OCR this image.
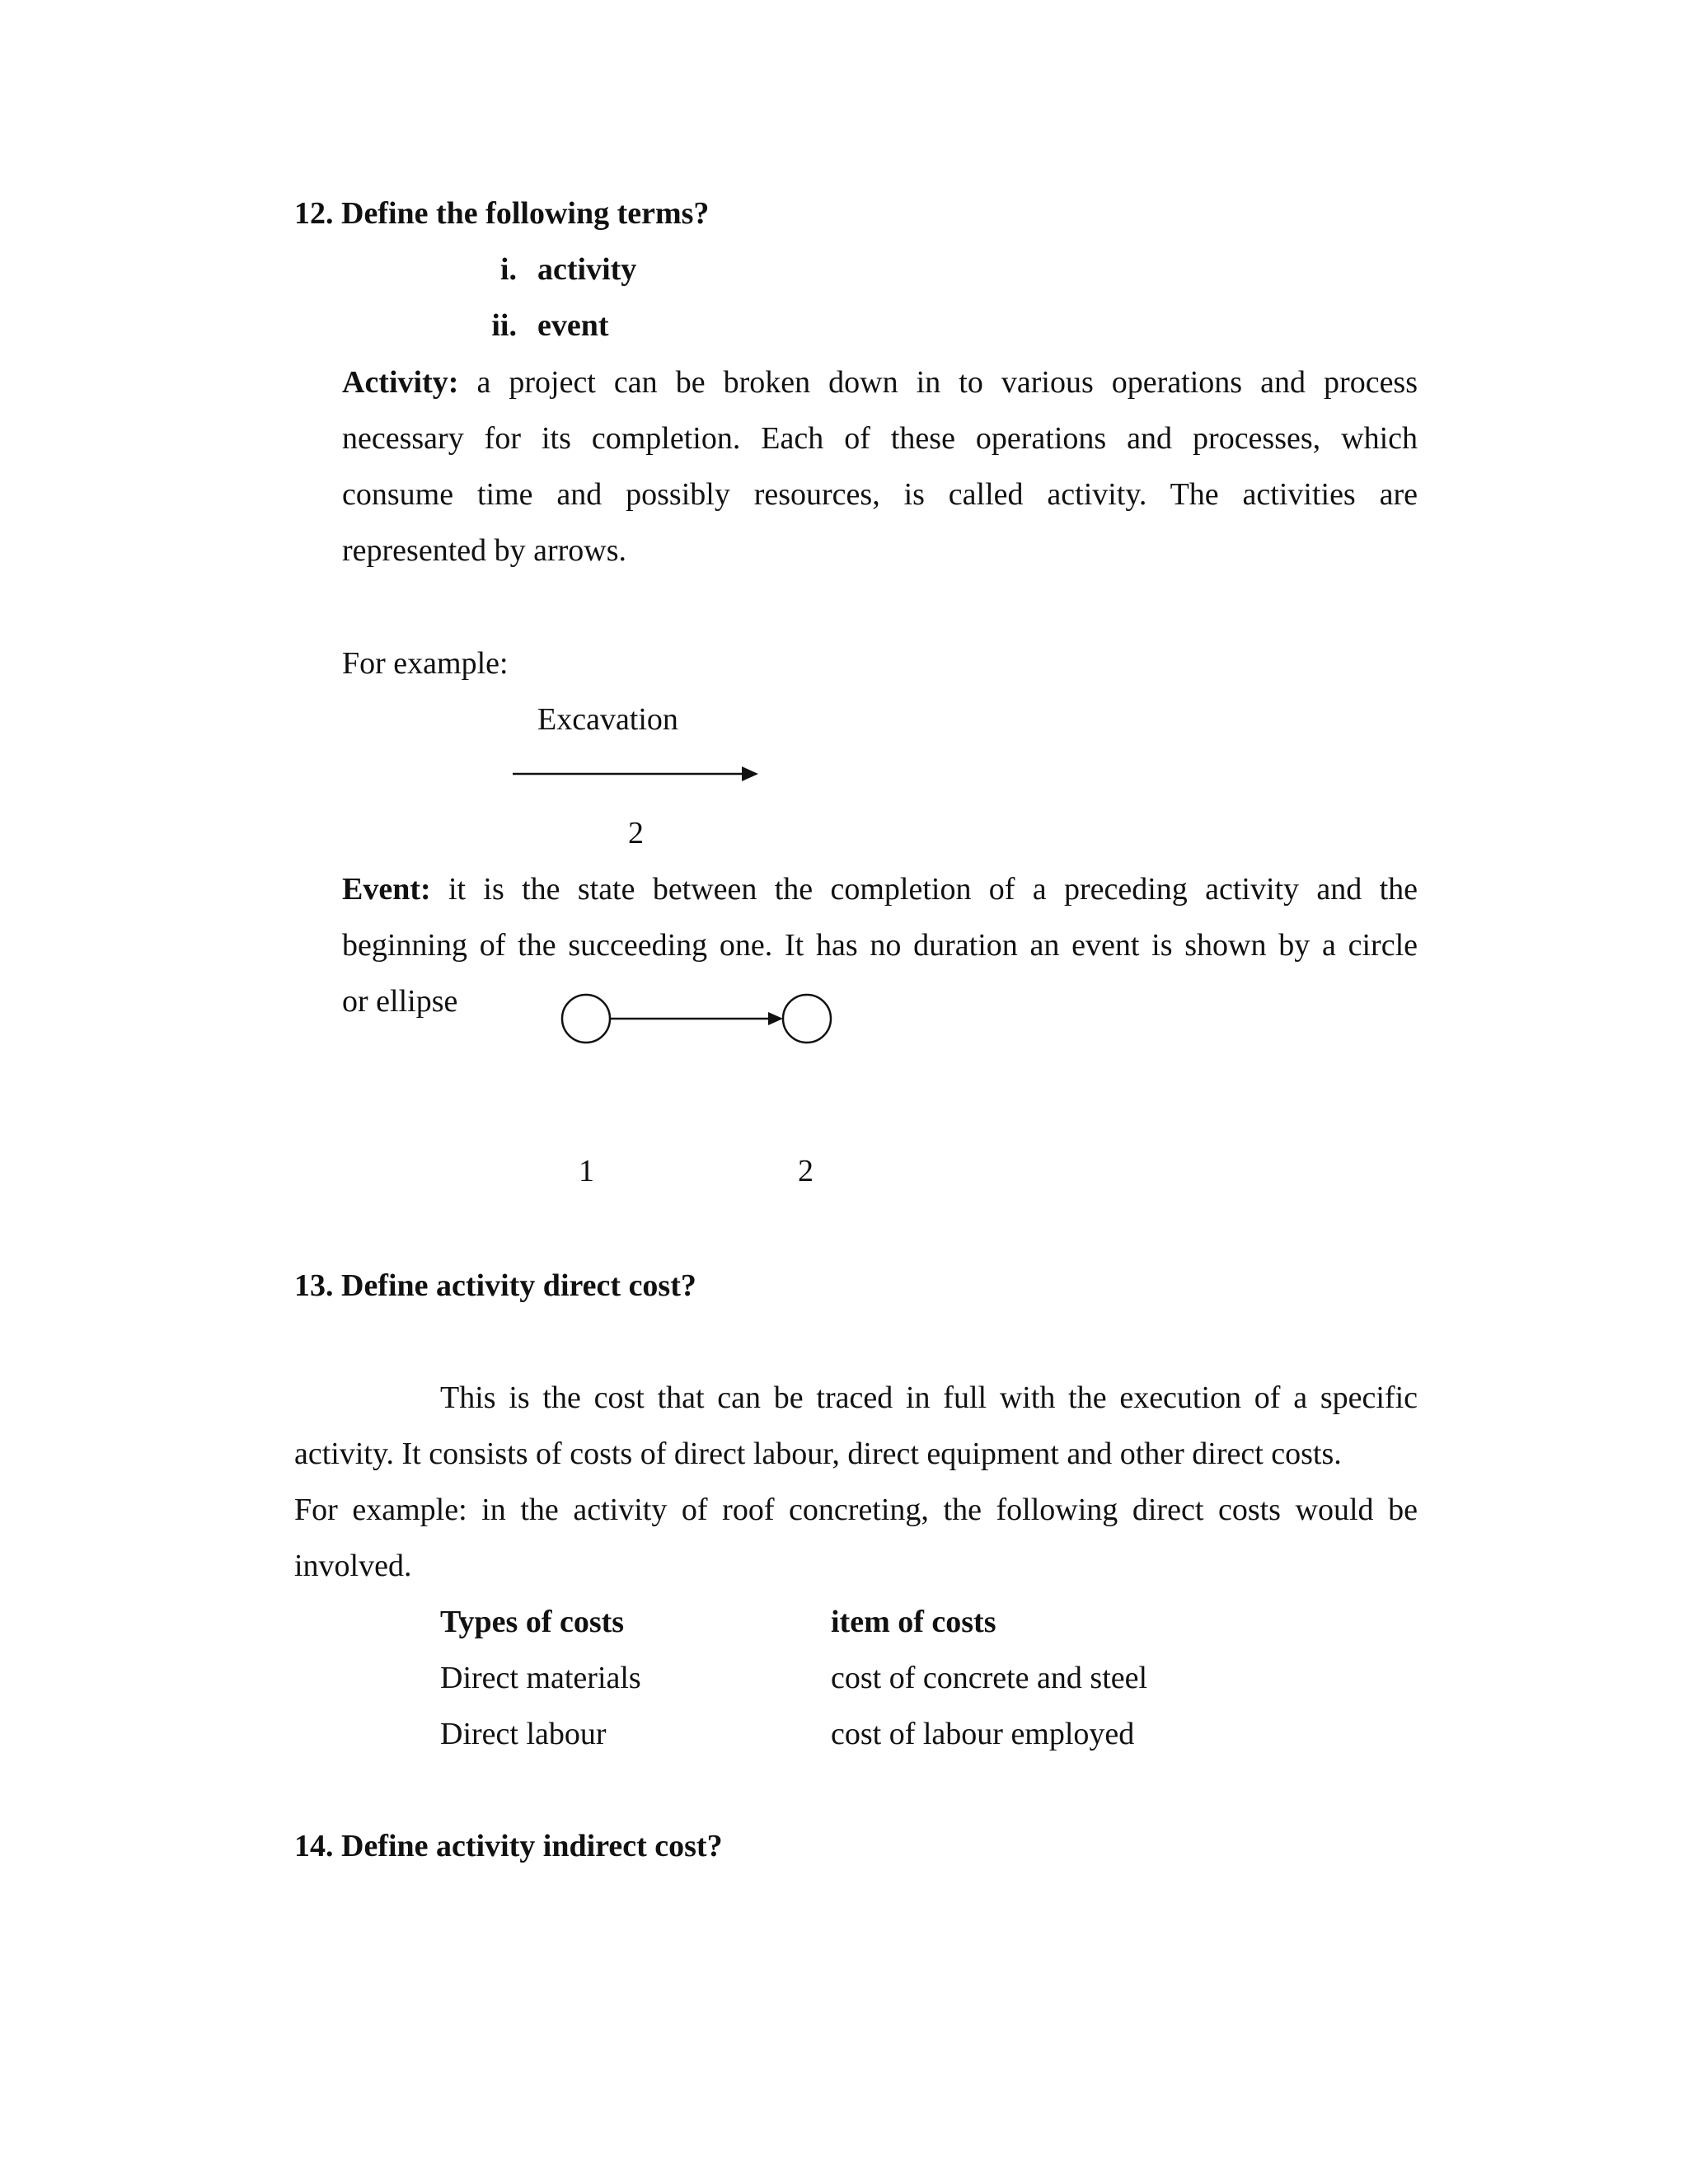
12. Define the following terms?
i. activity
ii. event
Activity: a project can be broken down in to various operations and process
necessary for its completion. Each of these operations and processes, which
consume time and possibly resources, is called activity. The activities are
represented by arrows.
For example:
Excavation
2
Event: it is the state between the completion of a preceding activity and the
beginning of the succeeding one. It has no duration an event is shown by a circle
or ellipse
1	2
13. Define activity direct cost?
This is the cost that can be traced in full with the execution of a specific
activity. It consists of costs of direct labour, direct equipment and other direct costs.
For example: in the activity of roof concreting, the following direct costs would be
involved.
Types of costs	item of costs
Direct materials	cost of concrete and steel
Direct labour	cost of labour employed
14. Define activity indirect cost?
